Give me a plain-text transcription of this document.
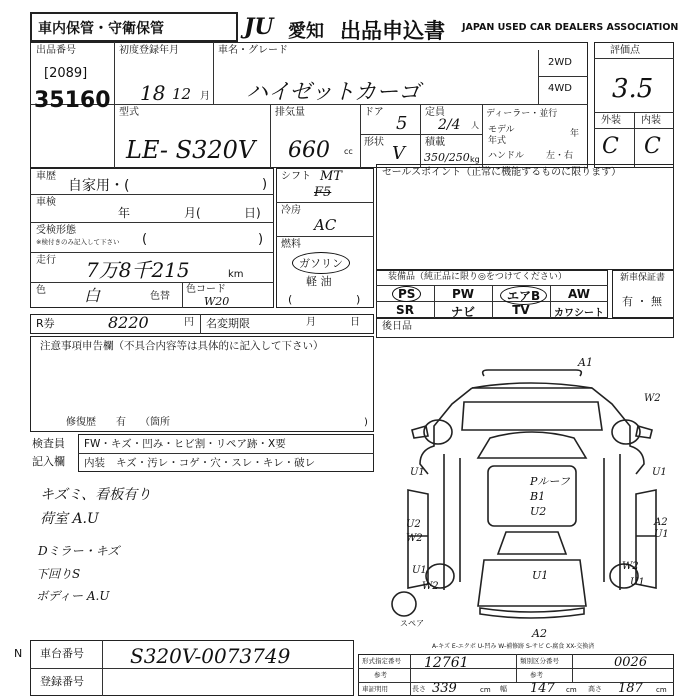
車内保管・守衛保管	JU 愛知 出品申込書 JAPAN USED CAR DEALERS ASSOCIATION
出品番号
[2089]
35160
初度登録年月
18 12 月
車名・グレード
ハイゼットカーゴ
2WD
4WD
型式
LE- S320V
排気量
660 cc
ドア
5
形状
V
定員
2/4 人
積載
350/250 kg
ディーラー・並行
モデル
年式
年
ハンドル 左・右
評価点
3.5
外装 内装
C C
車歴
自家用・(	)
車検
年	月(	日)
受検形態
※検付きのみ記入して下さい (	)
走行 7万8千215	km
色 白	色替
色コード
W20
シフト MT
F5
冷房
AC
燃料
ガソリン
軽 油
(	)
セールスポイント（正常に機能するものに限ります）
装備品（純正品に限り◎をつけてください）
PS	PW	エアB	AW
SR	ナビ	TV	カワシート
新車保証書
有 ・ 無
R券	8220	円 名変期限	月	日 後日品
注意事項申告欄（不具合内容等は具体的に記入して下さい）
修復歴 有 （箇所	)
検査員
記入欄
FW・キズ・凹み・ヒビ割・リペア跡・X要
内装 キズ・汚レ・コゲ・穴・スレ・キレ・破レ
キズミ、看板有り
荷室 A.U
Dミラー・キズ
下回りS
ボディー A.U
A1
W2
U1	U1
U2
W2
A2
U1
U1
W2
U1
A2
W2
U1
Pルーフ
B1
U2
スペア
A-キズ E-エクボ U-凹み W-補修跡 S-サビ C-腐食 XX-交換済
N 車台番号 S320V-0073749
登録番号
形式指定番号 12761	類別区分番号	0026
参考	参考
車証明用	長さ 339	cm 幅 147 cm 高さ 187 cm
